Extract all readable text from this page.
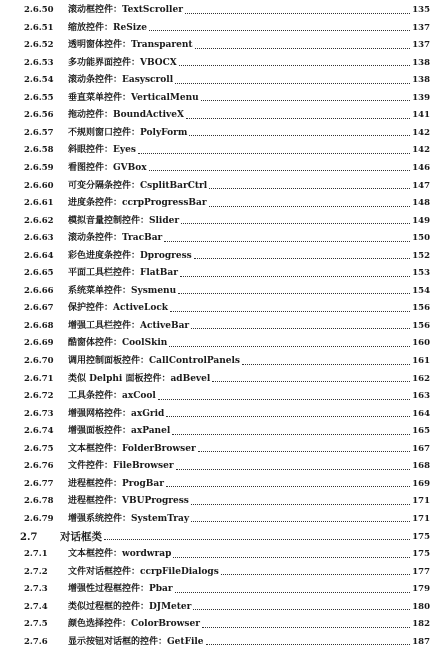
2.6.50	滚动框控件：TextScroller	135
2.6.51	缩放控件：ReSize	137
2.6.52	透明窗体控件：Transparent	137
2.6.53	多功能界面控件：VBOCX	138
2.6.54	滚动条控件：Easyscroll	138
2.6.55	垂直菜单控件：VerticalMenu	139
2.6.56	拖动控件：BoundActiveX	141
2.6.57	不规则窗口控件：PolyForm	142
2.6.58	斜眼控件：Eyes	142
2.6.59	看图控件：GVBox	146
2.6.60	可变分隔条控件：CsplitBarCtrl	147
2.6.61	进度条控件：ccrpProgressBar	148
2.6.62	模拟音量控制控件：Slider	149
2.6.63	滚动条控件：TracBar	150
2.6.64	彩色进度条控件：Dprogress	152
2.6.65	平面工具栏控件：FlatBar	153
2.6.66	系统菜单控件：Sysmenu	154
2.6.67	保护控件：ActiveLock	156
2.6.68	增强工具栏控件：ActiveBar	156
2.6.69	酷窗体控件：CoolSkin	160
2.6.70	调用控制面板控件：CallControlPanels	161
2.6.71	类似 Delphi 面板控件：adBevel	162
2.6.72	工具条控件：axCool	163
2.6.73	增强网格控件：axGrid	164
2.6.74	增强面板控件：axPanel	165
2.6.75	文本框控件：FolderBrowser	167
2.6.76	文件控件：FileBrowser	168
2.6.77	进程框控件：ProgBar	169
2.6.78	进程框控件：VBUProgress	171
2.6.79	增强系统控件：SystemTray	171
2.7	对话框类	175
2.7.1	文本框控件：wordwrap	175
2.7.2	文件对话框控件：ccrpFileDialogs	177
2.7.3	增强性过程框控件：Pbar	179
2.7.4	类似过程框的控件：DJMeter	180
2.7.5	颜色选择控件：ColorBrowser	182
2.7.6	显示按钮对话框的控件：GetFile	187
